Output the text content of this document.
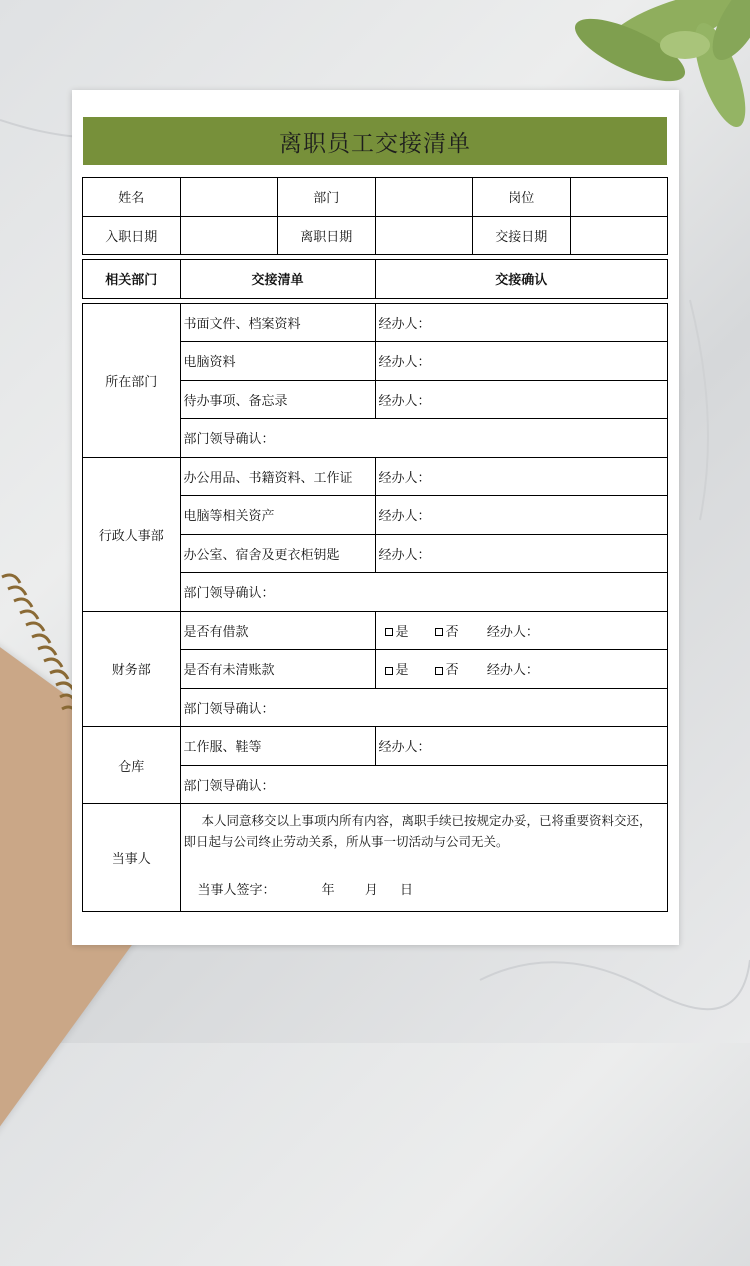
离职员工交接清单
姓名		部门		岗位	
入职日期		离职日期		交接日期	

相关部门	交接清单		交接确认		

所在部门	书面文件、档案资料		经办人：		
	电脑资料		经办人：		
	待办事项、备忘录		经办人：		
	部门领导确认：				
行政人事部	办公用品、书籍资料、工作证		经办人：		
	电脑等相关资产		经办人：		
	办公室、宿舍及更衣柜钥匙		经办人：		
	部门领导确认：				
财务部	是否有借款		是 否 经办人：		
	是否有未清账款		是 否 经办人：		
	部门领导确认：				
仓库	工作服、鞋等		经办人：		
	部门领导确认：				
当事人	本人同意移交以上事项内所有内容，离职手续已按规定办妥，已将重要资料交还，即日起与公司终止劳动关系，所从事一切活动与公司无关。
当事人签字： 年 月 日				
